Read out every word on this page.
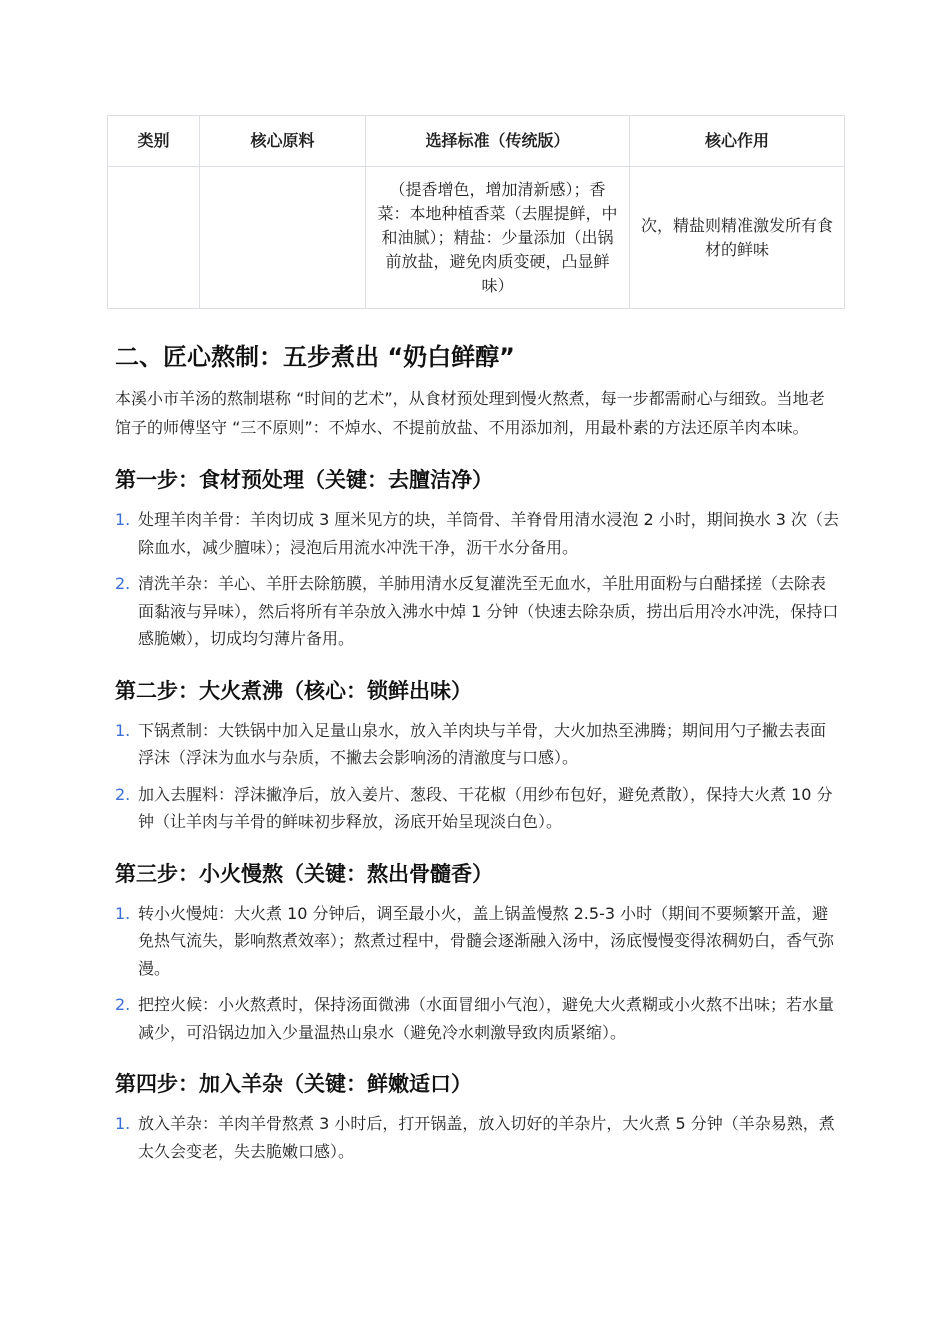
类别	核心原料	选择标准（传统版）	核心作用
		（提香增色，增加清新感）；香菜：本地种植香菜（去腥提鲜，中和油腻）；精盐：少量添加（出锅前放盐，避免肉质变硬，凸显鲜味）	次，精盐则精准激发所有食材的鲜味
二、匠心熬制：五步煮出 “奶白鲜醇”

本溪小市羊汤的熬制堪称 “时间的艺术”，从食材预处理到慢火熬煮，每一步都需耐心与细致。当地老馆子的师傅坚守 “三不原则”：不焯水、不提前放盐、不用添加剂，用最朴素的方法还原羊肉本味。

第一步：食材预处理（关键：去膻洁净）
1. 处理羊肉羊骨：羊肉切成 3 厘米见方的块，羊筒骨、羊脊骨用清水浸泡 2 小时，期间换水 3 次（去除血水，减少膻味）；浸泡后用流水冲洗干净，沥干水分备用。
2. 清洗羊杂：羊心、羊肝去除筋膜，羊肺用清水反复灌洗至无血水，羊肚用面粉与白醋揉搓（去除表面黏液与异味），然后将所有羊杂放入沸水中焯 1 分钟（快速去除杂质，捞出后用冷水冲洗，保持口感脆嫩），切成均匀薄片备用。
第二步：大火煮沸（核心：锁鲜出味）
1. 下锅煮制：大铁锅中加入足量山泉水，放入羊肉块与羊骨，大火加热至沸腾；期间用勺子撇去表面浮沫（浮沫为血水与杂质，不撇去会影响汤的清澈度与口感）。
2. 加入去腥料：浮沫撇净后，放入姜片、葱段、干花椒（用纱布包好，避免煮散），保持大火煮 10 分钟（让羊肉与羊骨的鲜味初步释放，汤底开始呈现淡白色）。
第三步：小火慢熬（关键：熬出骨髓香）
1. 转小火慢炖：大火煮 10 分钟后，调至最小火，盖上锅盖慢熬 2.5-3 小时（期间不要频繁开盖，避免热气流失，影响熬煮效率）；熬煮过程中，骨髓会逐渐融入汤中，汤底慢慢变得浓稠奶白，香气弥漫。
2. 把控火候：小火熬煮时，保持汤面微沸（水面冒细小气泡），避免大火煮糊或小火熬不出味；若水量减少，可沿锅边加入少量温热山泉水（避免冷水刺激导致肉质紧缩）。
第四步：加入羊杂（关键：鲜嫩适口）
1. 放入羊杂：羊肉羊骨熬煮 3 小时后，打开锅盖，放入切好的羊杂片，大火煮 5 分钟（羊杂易熟，煮太久会变老，失去脆嫩口感）。
